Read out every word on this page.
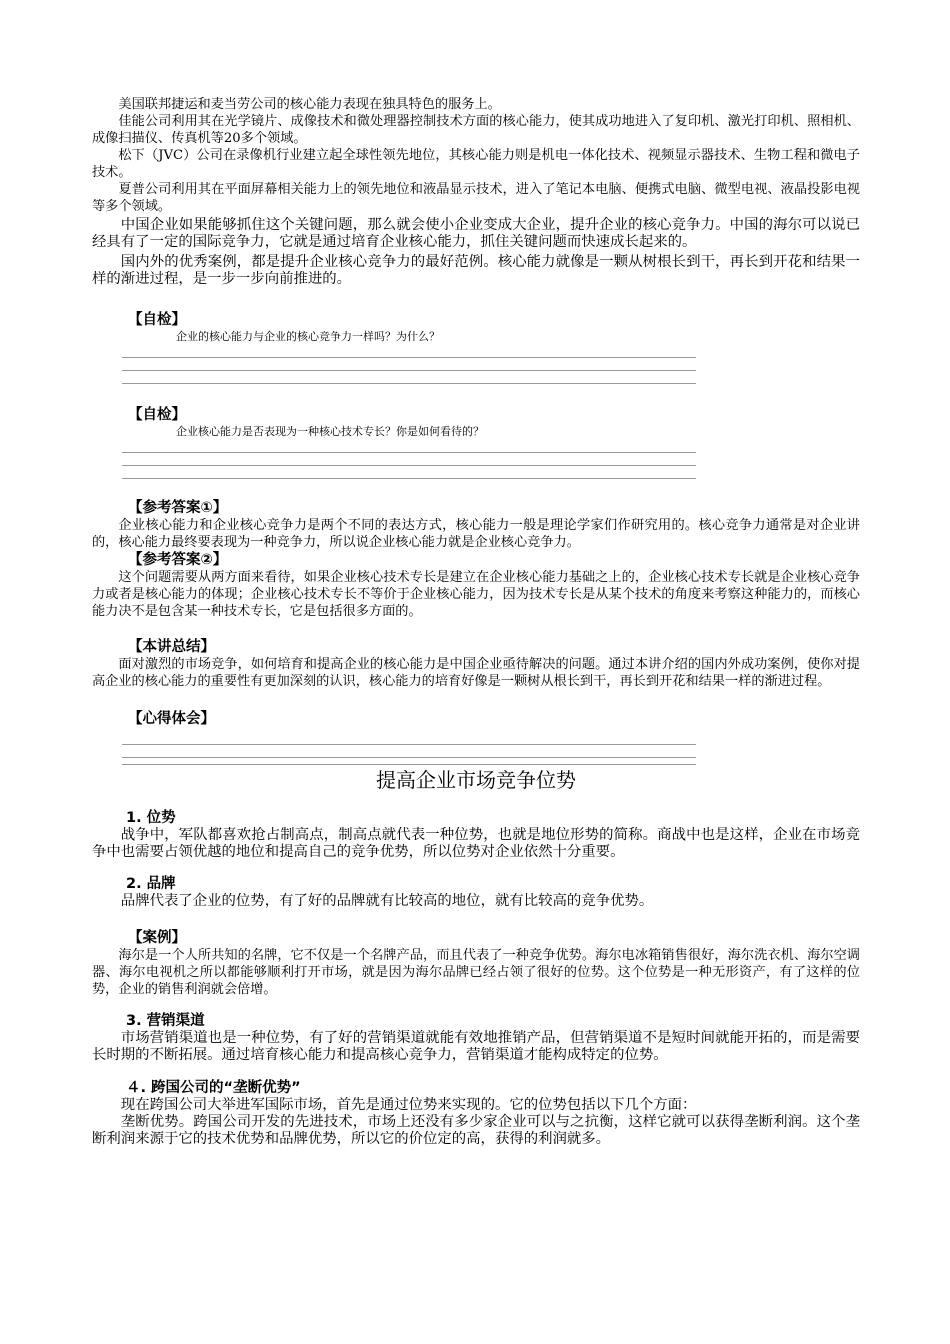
美国联邦捷运和麦当劳公司的核心能力表现在独具特色的服务上。

佳能公司利用其在光学镜片、成像技术和微处理器控制技术方面的核心能力，使其成功地进入了复印机、激光打印机、照相机、成像扫描仪、传真机等20多个领域。

松下（JVC）公司在录像机行业建立起全球性领先地位，其核心能力则是机电一体化技术、视频显示器技术、生物工程和微电子技术。

夏普公司利用其在平面屏幕相关能力上的领先地位和液晶显示技术，进入了笔记本电脑、便携式电脑、微型电视、液晶投影电视等多个领域。

中国企业如果能够抓住这个关键问题，那么就会使小企业变成大企业，提升企业的核心竞争力。中国的海尔可以说已经具有了一定的国际竞争力，它就是通过培育企业核心能力，抓住关键问题而快速成长起来的。

国内外的优秀案例，都是提升企业核心竞争力的最好范例。核心能力就像是一颗从树根长到干，再长到开花和结果一样的渐进过程，是一步一步向前推进的。

【自检】

企业的核心能力与企业的核心竞争力一样吗？为什么？

【自检】

企业核心能力是否表现为一种核心技术专长？你是如何看待的？

【参考答案①】

企业核心能力和企业核心竞争力是两个不同的表达方式，核心能力一般是理论学家们作研究用的。核心竞争力通常是对企业讲的，核心能力最终要表现为一种竞争力，所以说企业核心能力就是企业核心竞争力。

【参考答案②】

这个问题需要从两方面来看待，如果企业核心技术专长是建立在企业核心能力基础之上的，企业核心技术专长就是企业核心竞争力或者是核心能力的体现；企业核心技术专长不等价于企业核心能力，因为技术专长是从某个技术的角度来考察这种能力的，而核心能力决不是包含某一种技术专长，它是包括很多方面的。

【本讲总结】

面对激烈的市场竞争，如何培育和提高企业的核心能力是中国企业亟待解决的问题。通过本讲介绍的国内外成功案例，使你对提高企业的核心能力的重要性有更加深刻的认识，核心能力的培育好像是一颗树从根长到干，再长到开花和结果一样的渐进过程。

【心得体会】

提高企业市场竞争位势

1. 位势

战争中，军队都喜欢抢占制高点，制高点就代表一种位势，也就是地位形势的简称。商战中也是这样，企业在市场竞争中也需要占领优越的地位和提高自己的竞争优势，所以位势对企业依然十分重要。

2. 品牌

品牌代表了企业的位势，有了好的品牌就有比较高的地位，就有比较高的竞争优势。

【案例】

海尔是一个人所共知的名牌，它不仅是一个名牌产品，而且代表了一种竞争优势。海尔电冰箱销售很好，海尔洗衣机、海尔空调器、海尔电视机之所以都能够顺利打开市场，就是因为海尔品牌已经占领了很好的位势。这个位势是一种无形资产，有了这样的位势，企业的销售利润就会倍增。

3. 营销渠道

市场营销渠道也是一种位势，有了好的营销渠道就能有效地推销产品，但营销渠道不是短时间就能开拓的，而是需要长时期的不断拓展。通过培育核心能力和提高核心竞争力，营销渠道才能构成特定的位势。

４. 跨国公司的“垄断优势”

现在跨国公司大举进军国际市场，首先是通过位势来实现的。它的位势包括以下几个方面：

垄断优势。跨国公司开发的先进技术，市场上还没有多少家企业可以与之抗衡，这样它就可以获得垄断利润。这个垄断利润来源于它的技术优势和品牌优势，所以它的价位定的高，获得的利润就多。
